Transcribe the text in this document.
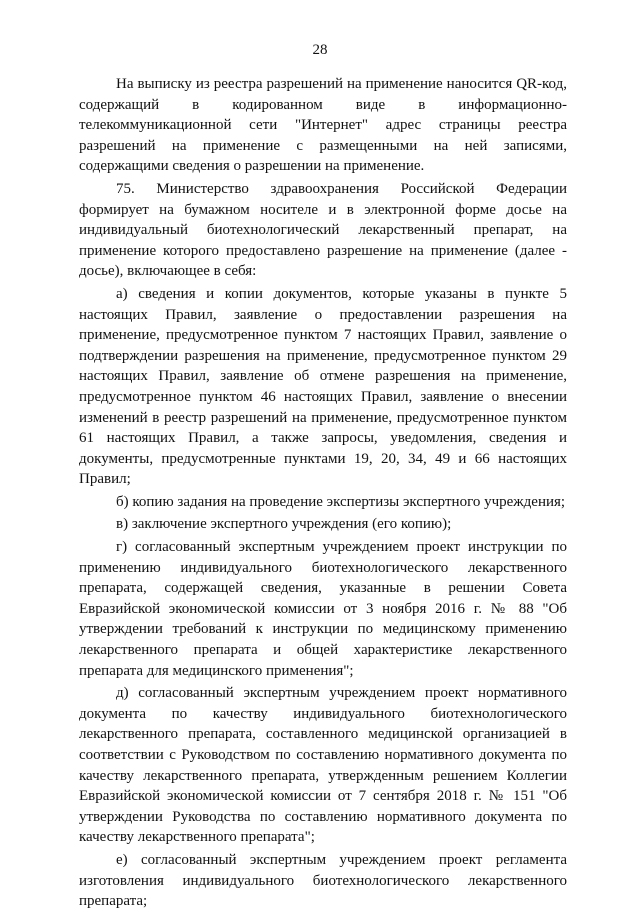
28

На выписку из реестра разрешений на применение наносится QR-код, содержащий в кодированном виде в информационно-телекоммуникационной сети "Интернет" адрес страницы реестра разрешений на применение с размещенными на ней записями, содержащими сведения о разрешении на применение.

75. Министерство здравоохранения Российской Федерации формирует на бумажном носителе и в электронной форме досье на индивидуальный биотехнологический лекарственный препарат, на применение которого предоставлено разрешение на применение (далее - досье), включающее в себя:

а) сведения и копии документов, которые указаны в пункте 5 настоящих Правил, заявление о предоставлении разрешения на применение, предусмотренное пунктом 7 настоящих Правил, заявление о подтверждении разрешения на применение, предусмотренное пунктом 29 настоящих Правил, заявление об отмене разрешения на применение, предусмотренное пунктом 46 настоящих Правил, заявление о внесении изменений в реестр разрешений на применение, предусмотренное пунктом 61 настоящих Правил, а также запросы, уведомления, сведения и документы, предусмотренные пунктами 19, 20, 34, 49 и 66 настоящих Правил;

б) копию задания на проведение экспертизы экспертного учреждения;

в) заключение экспертного учреждения (его копию);

г) согласованный экспертным учреждением проект инструкции по применению индивидуального биотехнологического лекарственного препарата, содержащей сведения, указанные в решении Совета Евразийской экономической комиссии от 3 ноября 2016 г. № 88 "Об утверждении требований к инструкции по медицинскому применению лекарственного препарата и общей характеристике лекарственного препарата для медицинского применения";

д) согласованный экспертным учреждением проект нормативного документа по качеству индивидуального биотехнологического лекарственного препарата, составленного медицинской организацией в соответствии с Руководством по составлению нормативного документа по качеству лекарственного препарата, утвержденным решением Коллегии Евразийской экономической комиссии от 7 сентября 2018 г. № 151 "Об утверждении Руководства по составлению нормативного документа по качеству лекарственного препарата";

е) согласованный экспертным учреждением проект регламента изготовления индивидуального биотехнологического лекарственного препарата;
